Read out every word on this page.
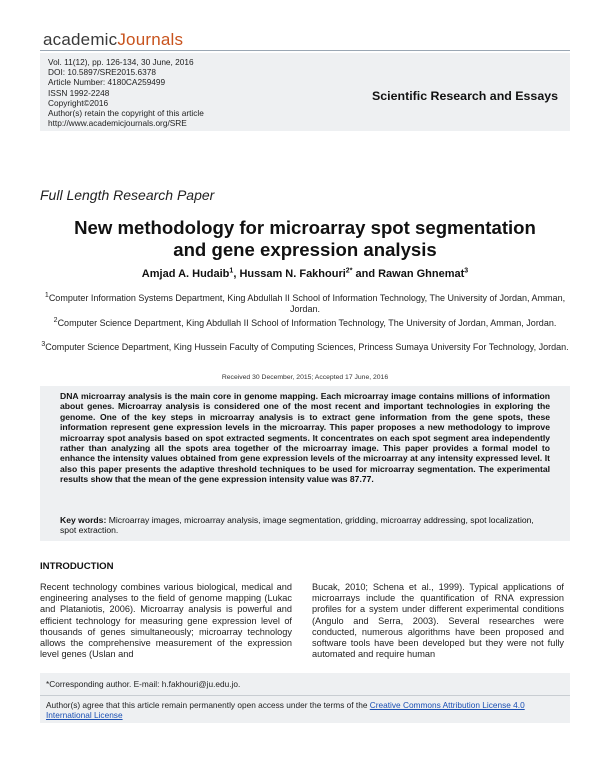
academicJournals
Vol. 11(12), pp. 126-134, 30 June, 2016
DOI: 10.5897/SRE2015.6378
Article Number: 4180CA259499
ISSN 1992-2248
Copyright©2016
Author(s) retain the copyright of this article
http://www.academicjournals.org/SRE
Scientific Research and Essays
Full Length Research Paper
New methodology for microarray spot segmentation
and gene expression analysis
Amjad A. Hudaib$^1$, Hussam N. Fakhouri$^{2*}$ and Rawan Ghnemat$^3$
$^1$Computer Information Systems Department, King Abdullah II School of Information Technology, The University of Jordan, Amman, Jordan.
$^2$Computer Science Department, King Abdullah II School of Information Technology, The University of Jordan, Amman, Jordan.
$^3$Computer Science Department, King Hussein Faculty of Computing Sciences, Princess Sumaya University For Technology, Jordan.
Received 30 December, 2015; Accepted 17 June, 2016

DNA microarray analysis is the main core in genome mapping. Each microarray image contains millions of information about genes. Microarray analysis is considered one of the most recent and important technologies in exploring the genome. One of the key steps in microarray analysis is to extract gene information from the gene spots, these information represent gene expression levels in the microarray. This paper proposes a new methodology to improve microarray spot analysis based on spot extracted segments. It concentrates on each spot segment area independently rather than analyzing all the spots area together of the microarray image. This paper provides a formal model to enhance the intensity values obtained from gene expression levels of the microarray at any intensity expressed level. It also this paper presents the adaptive threshold techniques to be used for microarray segmentation. The experimental results show that the mean of the gene expression intensity value was 87.77.

Key words: Microarray images, microarray analysis, image segmentation, gridding, microarray addressing, spot localization, spot extraction.

INTRODUCTION

Recent technology combines various biological, medical and engineering analyses to the field of genome mapping (Lukac and Plataniotis, 2006). Microarray analysis is powerful and efficient technology for measuring gene expression level of thousands of genes simultaneously; microarray technology allows the comprehensive measurement of the expression level genes (Uslan and

Bucak, 2010; Schena et al., 1999). Typical applications of microarrays include the quantification of RNA expression profiles for a system under different experimental conditions (Angulo and Serra, 2003). Several researches were conducted, numerous algorithms have been proposed and software tools have been developed but they were not fully automated and require human

*Corresponding author. E-mail: h.fakhouri@ju.edu.jo.

Author(s) agree that this article remain permanently open access under the terms of the Creative Commons Attribution License 4.0 International License
